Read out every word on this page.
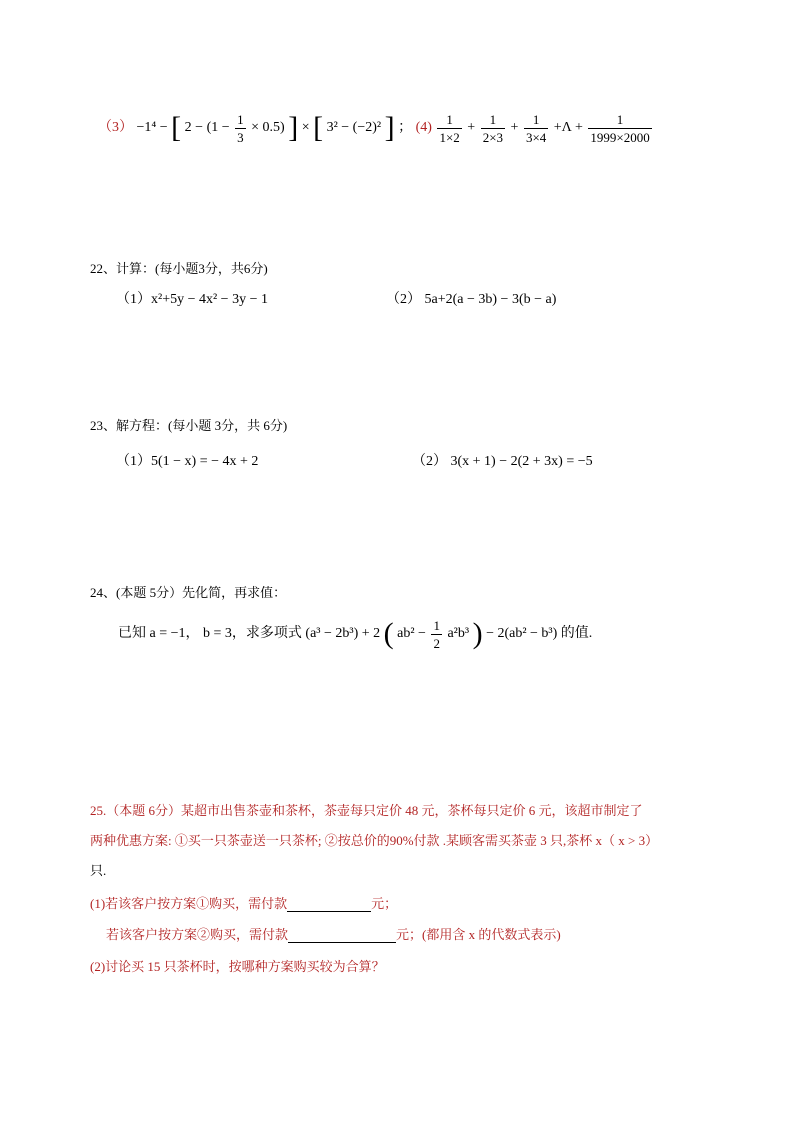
（3） −1⁴ − [ $2 - (1 - \frac{1}{3} \times 0.5)$ ] × [ 3² − (−2)² ] ； $(4) \frac{1}{1\times 2} + \frac{1}{2\times 3} + \frac{1}{3\times 4} +\Lambda + \frac{1}{1999\times 2000}$
22、计算：(每小题3分，共6分)
（1）x²+5y − 4x² − 3y − 1	（2） 5a+2(a − 3b) − 3(b − a)
23、解方程：(每小题 3分，共 6分)
（1）5(1 − x) = − 4x + 2	（2） 3(x + 1) − 2(2 + 3x) = −5
24、(本题 5分）先化简，再求值：
已知 a = −1， b = 3，求多项式 (a³ − 2b³) + 2 ( $ab^2 - \frac{1}{2} a^2b^3$ ) − 2(ab² − b³) 的值.
25.（本题 6分）某超市出售茶壶和茶杯，茶壶每只定价 48 元，茶杯每只定价 6 元，该超市制定了
两种优惠方案: ①买一只茶壶送一只茶杯; ②按总价的90%付款 .某顾客需买茶壶 3 只,茶杯 x（ x > 3）
只.
(1)若该客户按方案①购买，需付款	元；
若该客户按方案②购买，需付款	元；(都用含 x 的代数式表示)
(2)讨论买 15 只茶杯时，按哪种方案购买较为合算？
